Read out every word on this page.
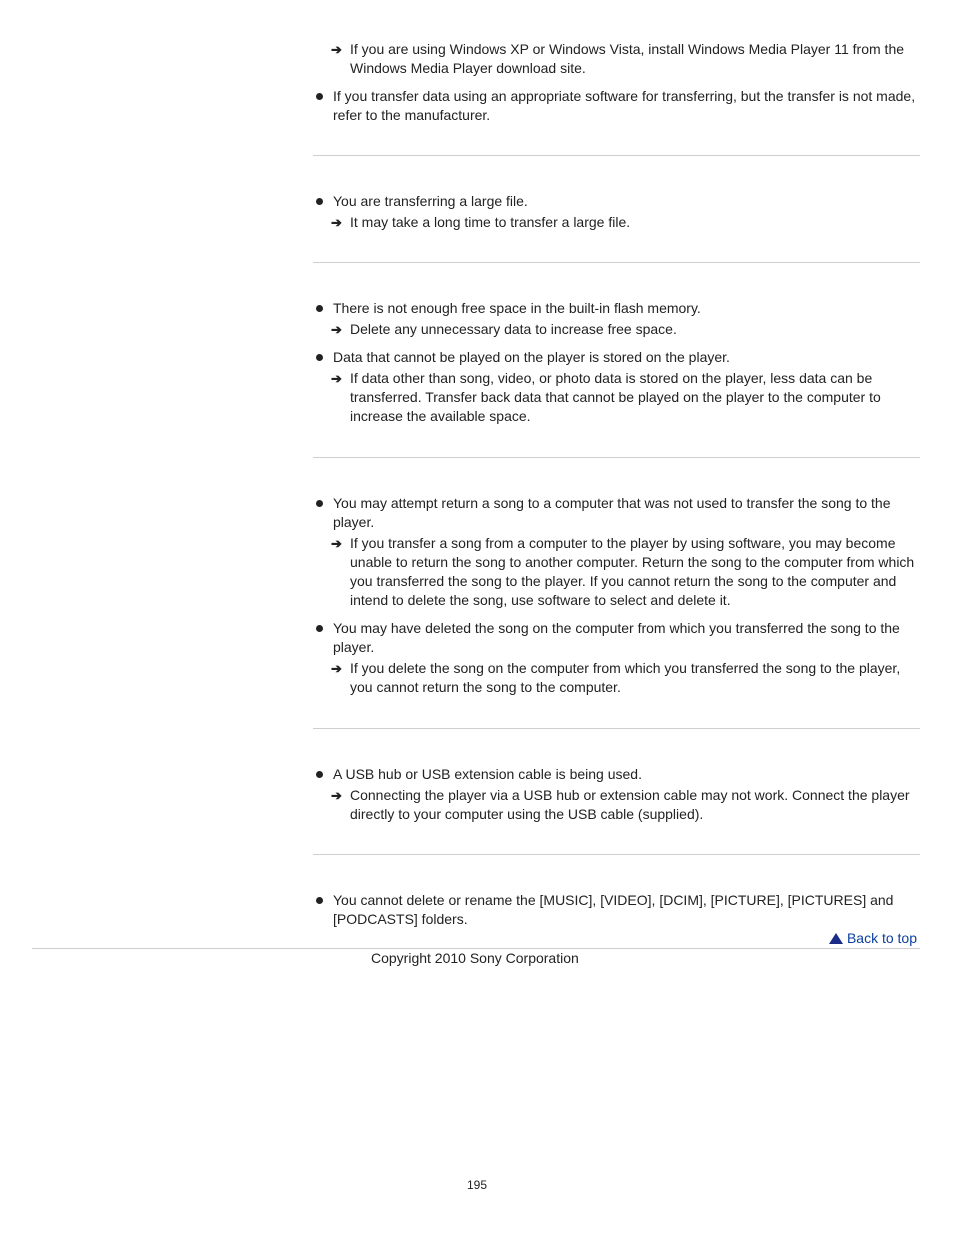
➔ If you are using Windows XP or Windows Vista, install Windows Media Player 11 from the Windows Media Player download site.
If you transfer data using an appropriate software for transferring, but the transfer is not made, refer to the manufacturer.
You are transferring a large file.
➔ It may take a long time to transfer a large file.
There is not enough free space in the built-in flash memory.
➔ Delete any unnecessary data to increase free space.
Data that cannot be played on the player is stored on the player.
➔ If data other than song, video, or photo data is stored on the player, less data can be transferred. Transfer back data that cannot be played on the player to the computer to increase the available space.
You may attempt return a song to a computer that was not used to transfer the song to the player.
➔ If you transfer a song from a computer to the player by using software, you may become unable to return the song to another computer. Return the song to the computer from which you transferred the song to the player. If you cannot return the song to the computer and intend to delete the song, use software to select and delete it.
You may have deleted the song on the computer from which you transferred the song to the player.
➔ If you delete the song on the computer from which you transferred the song to the player, you cannot return the song to the computer.
A USB hub or USB extension cable is being used.
➔ Connecting the player via a USB hub or extension cable may not work. Connect the player directly to your computer using the USB cable (supplied).
You cannot delete or rename the [MUSIC], [VIDEO], [DCIM], [PICTURE], [PICTURES] and [PODCASTS] folders.
Back to top
Copyright 2010 Sony Corporation
195
